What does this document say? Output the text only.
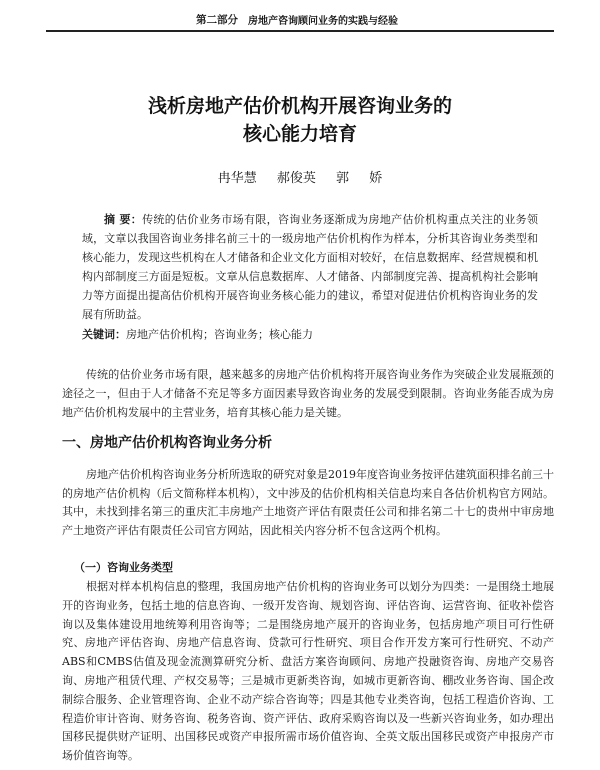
第二部分	房地产咨询顾问业务的实践与经验
浅析房地产估价机构开展咨询业务的
核心能力培育
冉华慧 郝俊英 郭 娇
摘 要：传统的估价业务市场有限，咨询业务逐渐成为房地产估价机构重点关注的业务领域，文章以我国咨询业务排名前三十的一级房地产估价机构作为样本，分析其咨询业务类型和核心能力，发现这些机构在人才储备和企业文化方面相对较好，在信息数据库、经营规模和机构内部制度三方面是短板。文章从信息数据库、人才储备、内部制度完善、提高机构社会影响力等方面提出提高估价机构开展咨询业务核心能力的建议，希望对促进估价机构咨询业务的发展有所助益。
关键词：房地产估价机构；咨询业务；核心能力
传统的估价业务市场有限，越来越多的房地产估价机构将开展咨询业务作为突破企业发展瓶颈的途径之一，但由于人才储备不充足等多方面因素导致咨询业务的发展受到限制。咨询业务能否成为房地产估价机构发展中的主营业务，培育其核心能力是关键。
一、房地产估价机构咨询业务分析
房地产估价机构咨询业务分析所选取的研究对象是2019年度咨询业务按评估建筑面积排名前三十的房地产估价机构（后文简称样本机构），文中涉及的估价机构相关信息均来自各估价机构官方网站。其中，未找到排名第三的重庆汇丰房地产土地资产评估有限责任公司和排名第二十七的贵州中审房地产土地资产评估有限责任公司官方网站，因此相关内容分析不包含这两个机构。
（一）咨询业务类型
根据对样本机构信息的整理，我国房地产估价机构的咨询业务可以划分为四类：一是围绕土地展开的咨询业务，包括土地的信息咨询、一级开发咨询、规划咨询、评估咨询、运营咨询、征收补偿咨询以及集体建设用地统筹利用咨询等；二是围绕房地产展开的咨询业务，包括房地产项目可行性研究、房地产评估咨询、房地产信息咨询、贷款可行性研究、项目合作开发方案可行性研究、不动产ABS和CMBS估值及现金流测算研究分析、盘活方案咨询顾问、房地产投融资咨询、房地产交易咨询、房地产租赁代理、产权交易等；三是城市更新类咨询，如城市更新咨询、棚改业务咨询、国企改制综合服务、企业管理咨询、企业不动产综合咨询等；四是其他专业类咨询，包括工程造价咨询、工程造价审计咨询、财务咨询、税务咨询、资产评估、政府采购咨询以及一些新兴咨询业务，如办理出国移民提供财产证明、出国移民或资产申报所需市场价值咨询、全英文版出国移民或资产申报房产市场价值咨询等。
